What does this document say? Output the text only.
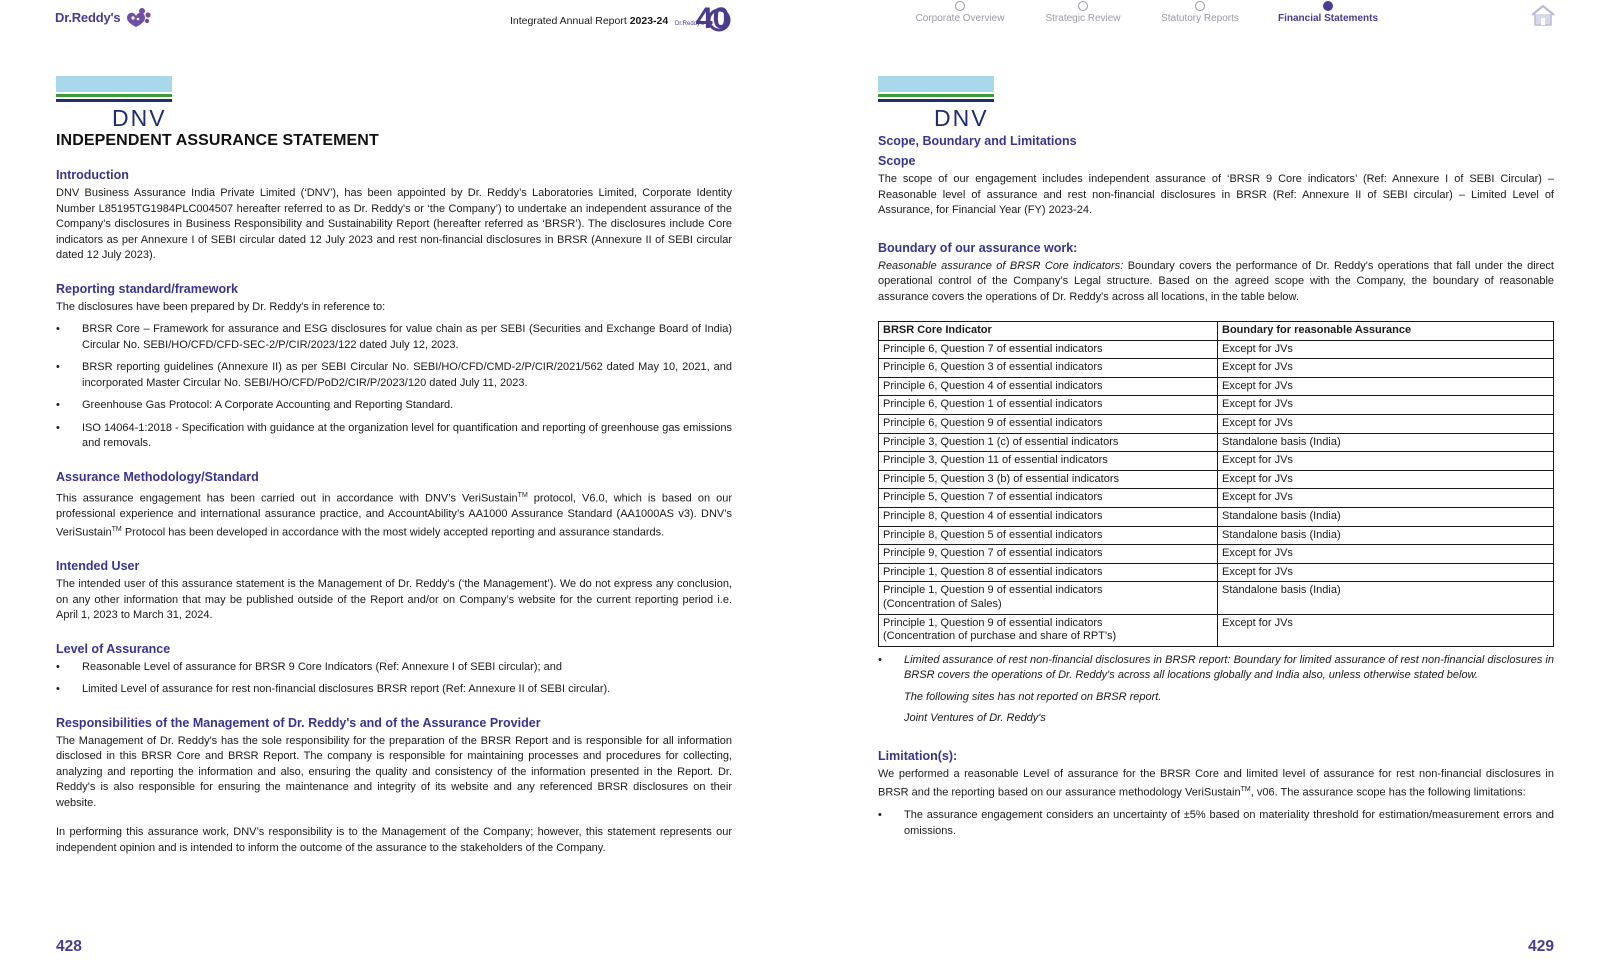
Dr.Reddy's	Integrated Annual Report 2023-24 40
Dr.Reddy's	Corporate Overview	Strategic Review	Statutory Reports	Financial Statements
DNV
INDEPENDENT ASSURANCE STATEMENT
Introduction

DNV Business Assurance India Private Limited (‘DNV’), has been appointed by Dr. Reddy’s Laboratories Limited, Corporate Identity Number L85195TG1984PLC004507 hereafter referred to as Dr. Reddy's or ‘the Company’) to undertake an independent assurance of the Company’s disclosures in Business Responsibility and Sustainability Report (hereafter referred as ‘BRSR’). The disclosures include Core indicators as per Annexure I of SEBI circular dated 12 July 2023 and rest non-financial disclosures in BRSR (Annexure II of SEBI circular dated 12 July 2023).

Reporting standard/framework

The disclosures have been prepared by Dr. Reddy's in reference to:

• BRSR Core – Framework for assurance and ESG disclosures for value chain as per SEBI (Securities and Exchange Board of India) Circular No. SEBI/HO/CFD/CFD-SEC-2/P/CIR/2023/122 dated July 12, 2023.
• BRSR reporting guidelines (Annexure II) as per SEBI Circular No. SEBI/HO/CFD/CMD-2/P/CIR/2021/562 dated May 10, 2021, and incorporated Master Circular No. SEBI/HO/CFD/PoD2/CIR/P/2023/120 dated July 11, 2023.
• Greenhouse Gas Protocol: A Corporate Accounting and Reporting Standard.
• ISO 14064-1:2018 - Specification with guidance at the organization level for quantification and reporting of greenhouse gas emissions and removals.
Assurance Methodology/Standard

This assurance engagement has been carried out in accordance with DNV’s VeriSustain™ protocol, V6.0, which is based on our professional experience and international assurance practice, and AccountAbility’s AA1000 Assurance Standard (AA1000AS v3). DNV’s VeriSustain™ Protocol has been developed in accordance with the most widely accepted reporting and assurance standards.

Intended User

The intended user of this assurance statement is the Management of Dr. Reddy's (‘the Management’). We do not express any conclusion, on any other information that may be published outside of the Report and/or on Company’s website for the current reporting period i.e. April 1, 2023 to March 31, 2024.

Level of Assurance
• Reasonable Level of assurance for BRSR 9 Core Indicators (Ref: Annexure I of SEBI circular); and
• Limited Level of assurance for rest non-financial disclosures BRSR report (Ref: Annexure II of SEBI circular).
Responsibilities of the Management of Dr. Reddy's and of the Assurance Provider

The Management of Dr. Reddy's has the sole responsibility for the preparation of the BRSR Report and is responsible for all information disclosed in this BRSR Core and BRSR Report. The company is responsible for maintaining processes and procedures for collecting, analyzing and reporting the information and also, ensuring the quality and consistency of the information presented in the Report. Dr. Reddy's is also responsible for ensuring the maintenance and integrity of its website and any referenced BRSR disclosures on their website.

In performing this assurance work, DNV’s responsibility is to the Management of the Company; however, this statement represents our independent opinion and is intended to inform the outcome of the assurance to the stakeholders of the Company.

428
DNV
Scope, Boundary and Limitations
Scope

The scope of our engagement includes independent assurance of ‘BRSR 9 Core indicators’ (Ref: Annexure I of SEBI Circular) – Reasonable level of assurance and rest non-financial disclosures in BRSR (Ref: Annexure II of SEBI circular) – Limited Level of Assurance, for Financial Year (FY) 2023-24.

Boundary of our assurance work:

Reasonable assurance of BRSR Core indicators: Boundary covers the performance of Dr. Reddy's operations that fall under the direct operational control of the Company’s Legal structure. Based on the agreed scope with the Company, the boundary of reasonable assurance covers the operations of Dr. Reddy's across all locations, in the table below.

BRSR Core Indicator	Boundary for reasonable Assurance
Principle 6, Question 7 of essential indicators	Except for JVs
Principle 6, Question 3 of essential indicators	Except for JVs
Principle 6, Question 4 of essential indicators	Except for JVs
Principle 6, Question 1 of essential indicators	Except for JVs
Principle 6, Question 9 of essential indicators	Except for JVs
Principle 3, Question 1 (c) of essential indicators	Standalone basis (India)
Principle 3, Question 11 of essential indicators	Except for JVs
Principle 5, Question 3 (b) of essential indicators	Except for JVs
Principle 5, Question 7 of essential indicators	Except for JVs
Principle 8, Question 4 of essential indicators	Standalone basis (India)
Principle 8, Question 5 of essential indicators	Standalone basis (India)
Principle 9, Question 7 of essential indicators	Except for JVs
Principle 1, Question 8 of essential indicators	Except for JVs
Principle 1, Question 9 of essential indicators
(Concentration of Sales)	Standalone basis (India)
Principle 1, Question 9 of essential indicators
(Concentration of purchase and share of RPT's)	Except for JVs
• Limited assurance of rest non-financial disclosures in BRSR report: Boundary for limited assurance of rest non-financial disclosures in BRSR covers the operations of Dr. Reddy's across all locations globally and India also, unless otherwise stated below.

The following sites has not reported on BRSR report.

Joint Ventures of Dr. Reddy's

Limitation(s):

We performed a reasonable Level of assurance for the BRSR Core and limited level of assurance for rest non-financial disclosures in BRSR and the reporting based on our assurance methodology VeriSustain™, v06. The assurance scope has the following limitations:

• The assurance engagement considers an uncertainty of ±5% based on materiality threshold for estimation/measurement errors and omissions.
429
